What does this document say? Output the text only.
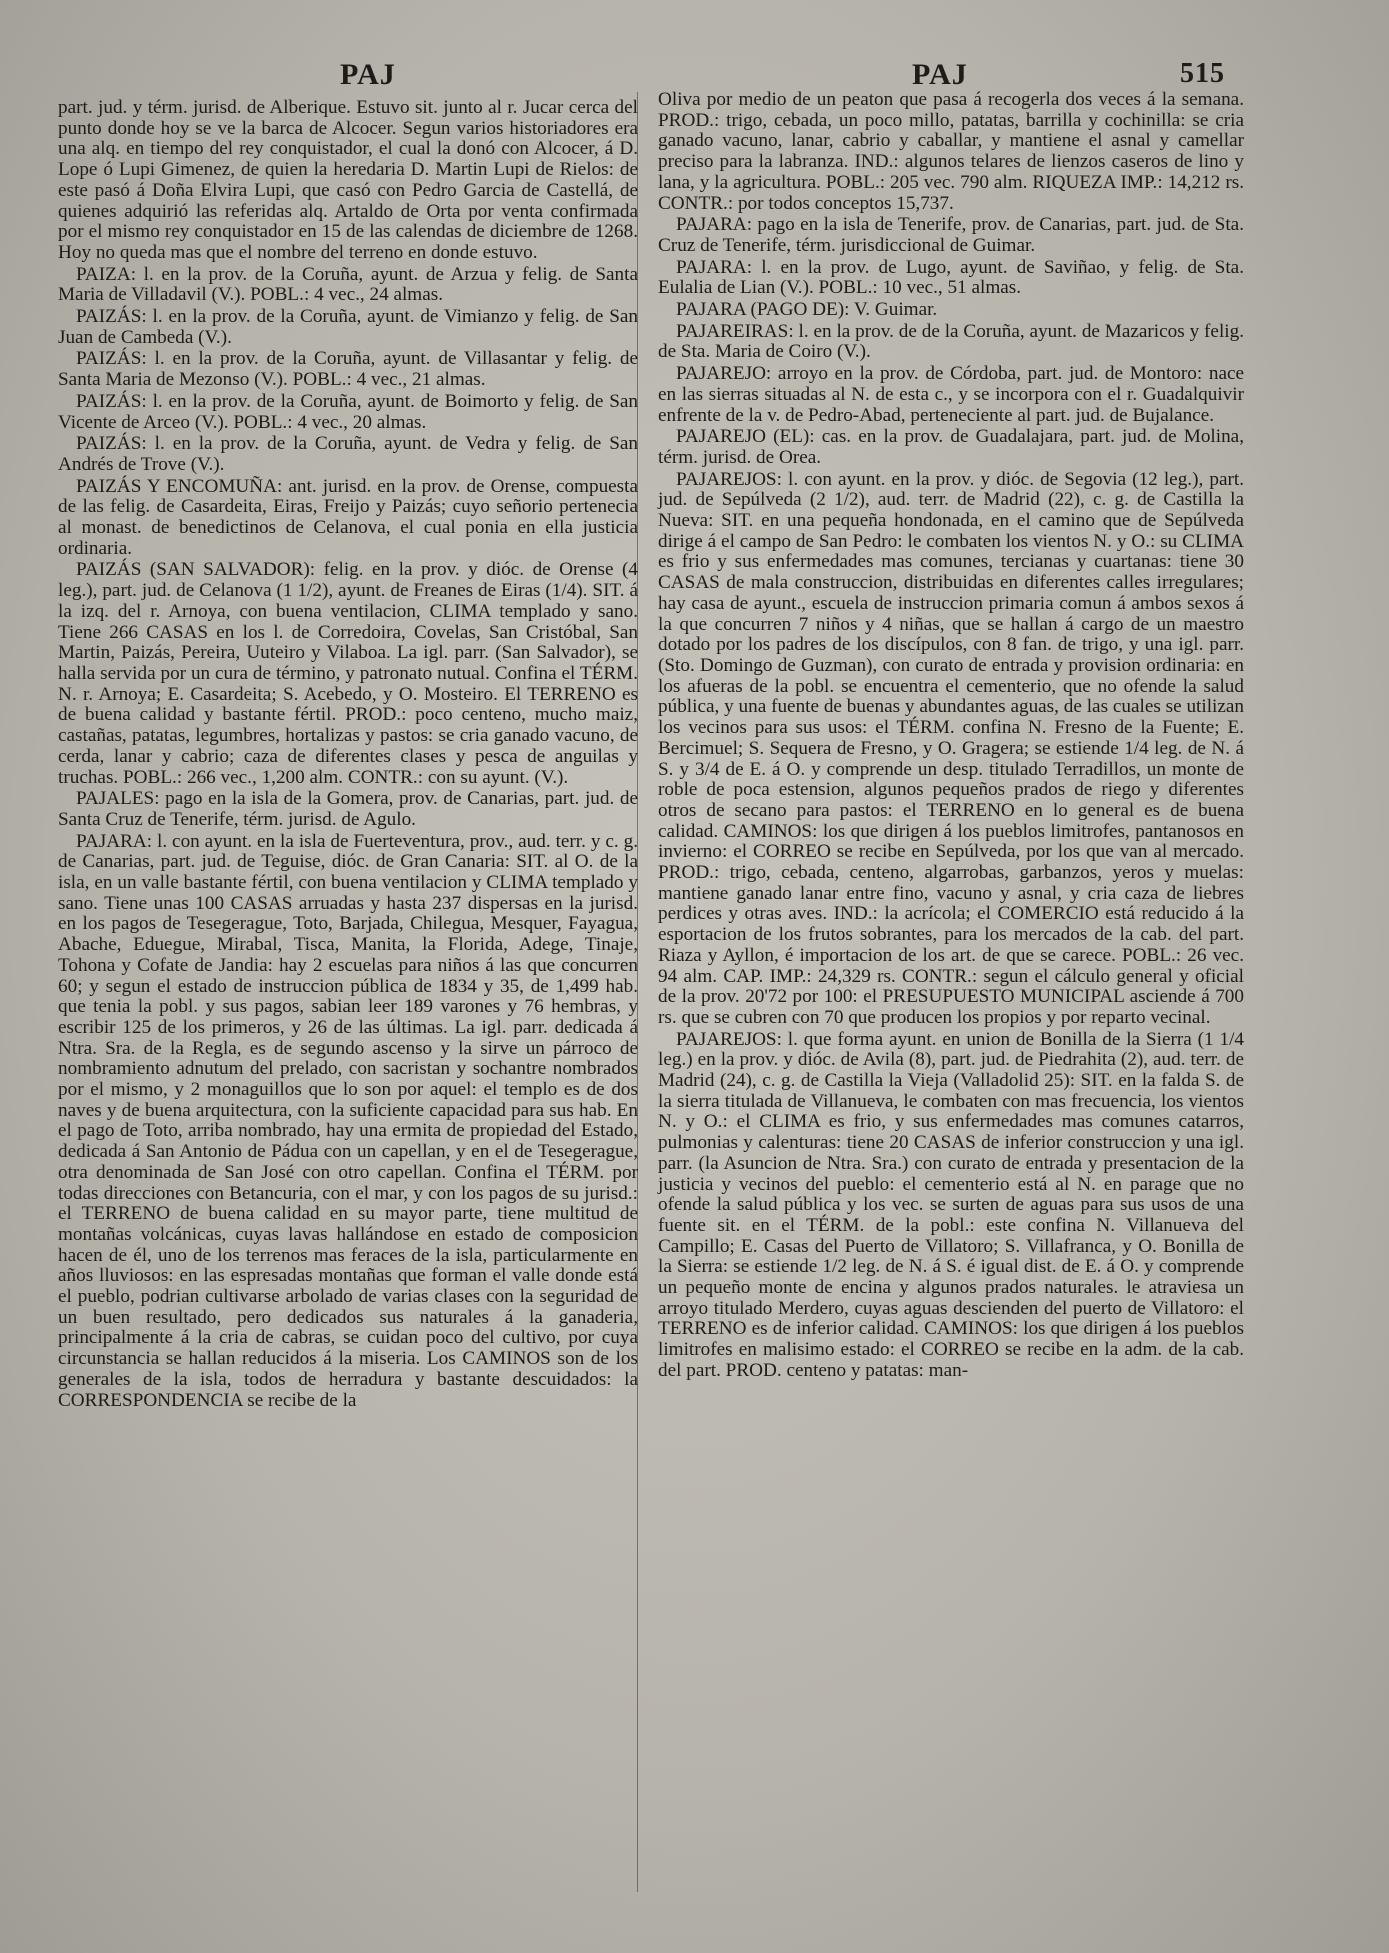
PAJ	PAJ	515

part. jud. y térm. jurisd. de Alberique. Estuvo sit. junto al r. Jucar cerca del punto donde hoy se ve la barca de Alcocer. Segun varios historiadores era una alq. en tiempo del rey conquistador, el cual la donó con Alcocer, á D. Lope ó Lupi Gimenez, de quien la heredaria D. Martin Lupi de Rielos: de este pasó á Doña Elvira Lupi, que casó con Pedro Garcia de Castellá, de quienes adquirió las referidas alq. Artaldo de Orta por venta confirmada por el mismo rey conquistador en 15 de las calendas de diciembre de 1268. Hoy no queda mas que el nombre del terreno en donde estuvo.

PAIZA: l. en la prov. de la Coruña, ayunt. de Arzua y felig. de Santa Maria de Villadavil (V.). POBL.: 4 vec., 24 almas.

PAIZÁS: l. en la prov. de la Coruña, ayunt. de Vimianzo y felig. de San Juan de Cambeda (V.).

PAIZÁS: l. en la prov. de la Coruña, ayunt. de Villasantar y felig. de Santa Maria de Mezonso (V.). POBL.: 4 vec., 21 almas.

PAIZÁS: l. en la prov. de la Coruña, ayunt. de Boimorto y felig. de San Vicente de Arceo (V.). POBL.: 4 vec., 20 almas.

PAIZÁS: l. en la prov. de la Coruña, ayunt. de Vedra y felig. de San Andrés de Trove (V.).

PAIZÁS Y ENCOMUÑA: ant. jurisd. en la prov. de Orense, compuesta de las felig. de Casardeita, Eiras, Freijo y Paizás; cuyo señorio pertenecia al monast. de benedictinos de Celanova, el cual ponia en ella justicia ordinaria.

PAIZÁS (SAN SALVADOR): felig. en la prov. y dióc. de Orense (4 leg.), part. jud. de Celanova (1 1/2), ayunt. de Freanes de Eiras (1/4). SIT. á la izq. del r. Arnoya, con buena ventilacion, CLIMA templado y sano. Tiene 266 CASAS en los l. de Corredoira, Covelas, San Cristóbal, San Martin, Paizás, Pereira, Uuteiro y Vilaboa. La igl. parr. (San Salvador), se halla servida por un cura de término, y patronato nutual. Confina el TÉRM. N. r. Arnoya; E. Casardeita; S. Acebedo, y O. Mosteiro. El TERRENO es de buena calidad y bastante fértil. PROD.: poco centeno, mucho maiz, castañas, patatas, legumbres, hortalizas y pastos: se cria ganado vacuno, de cerda, lanar y cabrio; caza de diferentes clases y pesca de anguilas y truchas. POBL.: 266 vec., 1,200 alm. CONTR.: con su ayunt. (V.).

PAJALES: pago en la isla de la Gomera, prov. de Canarias, part. jud. de Santa Cruz de Tenerife, térm. jurisd. de Agulo.

PAJARA: l. con ayunt. en la isla de Fuerteventura, prov., aud. terr. y c. g. de Canarias, part. jud. de Teguise, dióc. de Gran Canaria: SIT. al O. de la isla, en un valle bastante fértil, con buena ventilacion y CLIMA templado y sano. Tiene unas 100 CASAS arruadas y hasta 237 dispersas en la jurisd. en los pagos de Tesegerague, Toto, Barjada, Chilegua, Mesquer, Fayagua, Abache, Eduegue, Mirabal, Tisca, Manita, la Florida, Adege, Tinaje, Tohona y Cofate de Jandia: hay 2 escuelas para niños á las que concurren 60; y segun el estado de instruccion pública de 1834 y 35, de 1,499 hab. que tenia la pobl. y sus pagos, sabian leer 189 varones y 76 hembras, y escribir 125 de los primeros, y 26 de las últimas. La igl. parr. dedicada á Ntra. Sra. de la Regla, es de segundo ascenso y la sirve un párroco de nombramiento adnutum del prelado, con sacristan y sochantre nombrados por el mismo, y 2 monaguillos que lo son por aquel: el templo es de dos naves y de buena arquitectura, con la suficiente capacidad para sus hab. En el pago de Toto, arriba nombrado, hay una ermita de propiedad del Estado, dedicada á San Antonio de Pádua con un capellan, y en el de Tesegerague, otra denominada de San José con otro capellan. Confina el TÉRM. por todas direcciones con Betancuria, con el mar, y con los pagos de su jurisd.: el TERRENO de buena calidad en su mayor parte, tiene multitud de montañas volcánicas, cuyas lavas hallándose en estado de composicion hacen de él, uno de los terrenos mas feraces de la isla, particularmente en años lluviosos: en las espresadas montañas que forman el valle donde está el pueblo, podrian cultivarse arbolado de varias clases con la seguridad de un buen resultado, pero dedicados sus naturales á la ganaderia, principalmente á la cria de cabras, se cuidan poco del cultivo, por cuya circunstancia se hallan reducidos á la miseria. Los CAMINOS son de los generales de la isla, todos de herradura y bastante descuidados: la CORRESPONDENCIA se recibe de la

Oliva por medio de un peaton que pasa á recogerla dos veces á la semana. PROD.: trigo, cebada, un poco millo, patatas, barrilla y cochinilla: se cria ganado vacuno, lanar, cabrio y caballar, y mantiene el asnal y camellar preciso para la labranza. IND.: algunos telares de lienzos caseros de lino y lana, y la agricultura. POBL.: 205 vec. 790 alm. RIQUEZA IMP.: 14,212 rs. CONTR.: por todos conceptos 15,737.

PAJARA: pago en la isla de Tenerife, prov. de Canarias, part. jud. de Sta. Cruz de Tenerife, térm. jurisdiccional de Guimar.

PAJARA: l. en la prov. de Lugo, ayunt. de Saviñao, y felig. de Sta. Eulalia de Lian (V.). POBL.: 10 vec., 51 almas.

PAJARA (PAGO DE): V. Guimar.

PAJAREIRAS: l. en la prov. de de la Coruña, ayunt. de Mazaricos y felig. de Sta. Maria de Coiro (V.).

PAJAREJO: arroyo en la prov. de Córdoba, part. jud. de Montoro: nace en las sierras situadas al N. de esta c., y se incorpora con el r. Guadalquivir enfrente de la v. de Pedro-Abad, perteneciente al part. jud. de Bujalance.

PAJAREJO (EL): cas. en la prov. de Guadalajara, part. jud. de Molina, térm. jurisd. de Orea.

PAJAREJOS: l. con ayunt. en la prov. y dióc. de Segovia (12 leg.), part. jud. de Sepúlveda (2 1/2), aud. terr. de Madrid (22), c. g. de Castilla la Nueva: SIT. en una pequeña hondonada, en el camino que de Sepúlveda dirige á el campo de San Pedro: le combaten los vientos N. y O.: su CLIMA es frio y sus enfermedades mas comunes, tercianas y cuartanas: tiene 30 CASAS de mala construccion, distribuidas en diferentes calles irregulares; hay casa de ayunt., escuela de instruccion primaria comun á ambos sexos á la que concurren 7 niños y 4 niñas, que se hallan á cargo de un maestro dotado por los padres de los discípulos, con 8 fan. de trigo, y una igl. parr. (Sto. Domingo de Guzman), con curato de entrada y provision ordinaria: en los afueras de la pobl. se encuentra el cementerio, que no ofende la salud pública, y una fuente de buenas y abundantes aguas, de las cuales se utilizan los vecinos para sus usos: el TÉRM. confina N. Fresno de la Fuente; E. Bercimuel; S. Sequera de Fresno, y O. Gragera; se estiende 1/4 leg. de N. á S. y 3/4 de E. á O. y comprende un desp. titulado Terradillos, un monte de roble de poca estension, algunos pequeños prados de riego y diferentes otros de secano para pastos: el TERRENO en lo general es de buena calidad. CAMINOS: los que dirigen á los pueblos limitrofes, pantanosos en invierno: el CORREO se recibe en Sepúlveda, por los que van al mercado. PROD.: trigo, cebada, centeno, algarrobas, garbanzos, yeros y muelas: mantiene ganado lanar entre fino, vacuno y asnal, y cria caza de liebres perdices y otras aves. IND.: la acrícola; el COMERCIO está reducido á la esportacion de los frutos sobrantes, para los mercados de la cab. del part. Riaza y Ayllon, é importacion de los art. de que se carece. POBL.: 26 vec. 94 alm. CAP. IMP.: 24,329 rs. CONTR.: segun el cálculo general y oficial de la prov. 20'72 por 100: el PRESUPUESTO MUNICIPAL asciende á 700 rs. que se cubren con 70 que producen los propios y por reparto vecinal.

PAJAREJOS: l. que forma ayunt. en union de Bonilla de la Sierra (1 1/4 leg.) en la prov. y dióc. de Avila (8), part. jud. de Piedrahita (2), aud. terr. de Madrid (24), c. g. de Castilla la Vieja (Valladolid 25): SIT. en la falda S. de la sierra titulada de Villanueva, le combaten con mas frecuencia, los vientos N. y O.: el CLIMA es frio, y sus enfermedades mas comunes catarros, pulmonias y calenturas: tiene 20 CASAS de inferior construccion y una igl. parr. (la Asuncion de Ntra. Sra.) con curato de entrada y presentacion de la justicia y vecinos del pueblo: el cementerio está al N. en parage que no ofende la salud pública y los vec. se surten de aguas para sus usos de una fuente sit. en el TÉRM. de la pobl.: este confina N. Villanueva del Campillo; E. Casas del Puerto de Villatoro; S. Villafranca, y O. Bonilla de la Sierra: se estiende 1/2 leg. de N. á S. é igual dist. de E. á O. y comprende un pequeño monte de encina y algunos prados naturales. le atraviesa un arroyo titulado Merdero, cuyas aguas descienden del puerto de Villatoro: el TERRENO es de inferior calidad. CAMINOS: los que dirigen á los pueblos limitrofes en malisimo estado: el CORREO se recibe en la adm. de la cab. del part. PROD. centeno y patatas: man-
